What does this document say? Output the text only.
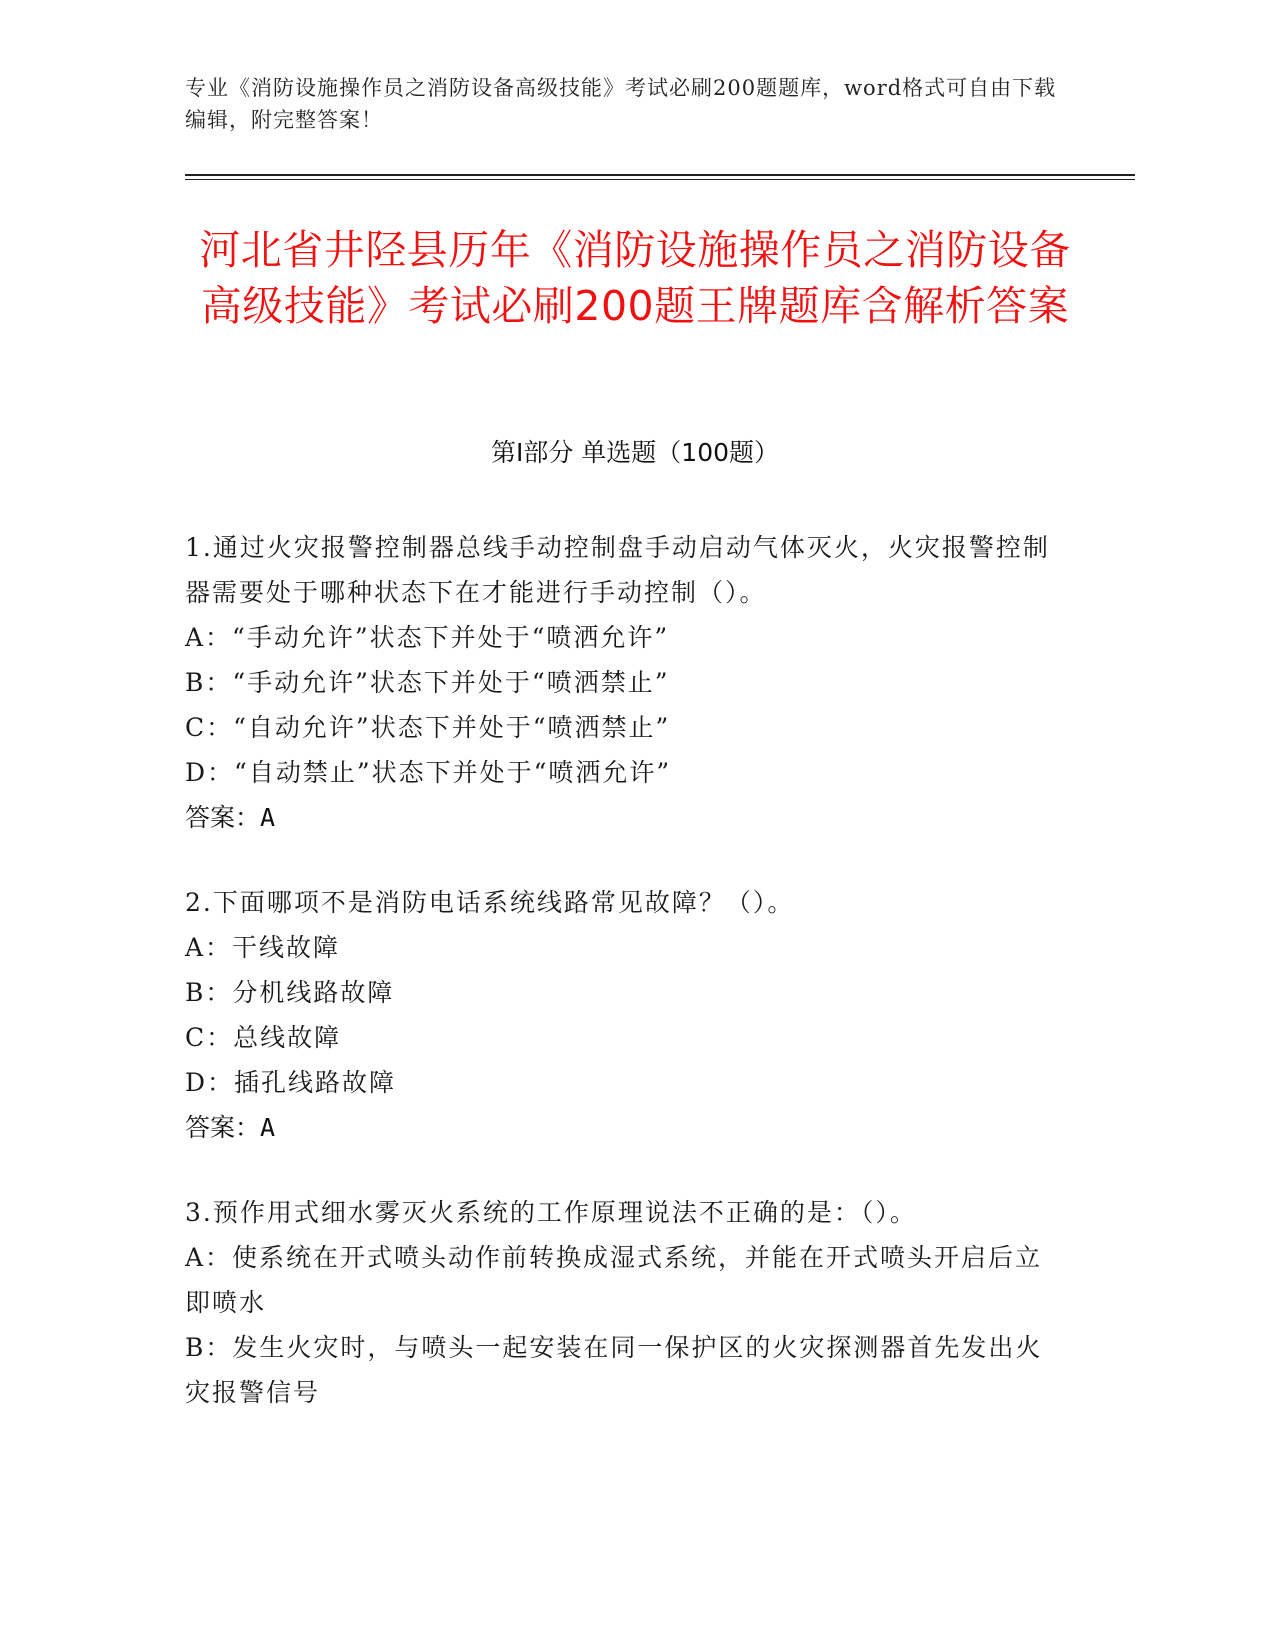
专业《消防设施操作员之消防设备高级技能》考试必刷200题题库，word格式可自由下载编辑，附完整答案！
河北省井陉县历年《消防设施操作员之消防设备高级技能》考试必刷200题王牌题库含解析答案
第I部分 单选题（100题）
1.通过火灾报警控制器总线手动控制盘手动启动气体灭火，火灾报警控制器需要处于哪种状态下在才能进行手动控制（）。
A：“手动允许”状态下并处于“喷洒允许”
B：“手动允许”状态下并处于“喷洒禁止”
C：“自动允许”状态下并处于“喷洒禁止”
D：“自动禁止”状态下并处于“喷洒允许”
答案：A
2.下面哪项不是消防电话系统线路常见故障？（）。
A：干线故障
B：分机线路故障
C：总线故障
D：插孔线路故障
答案：A
3.预作用式细水雾灭火系统的工作原理说法不正确的是：（）。
A：使系统在开式喷头动作前转换成湿式系统，并能在开式喷头开启后立即喷水
B：发生火灾时，与喷头一起安装在同一保护区的火灾探测器首先发出火灾报警信号
